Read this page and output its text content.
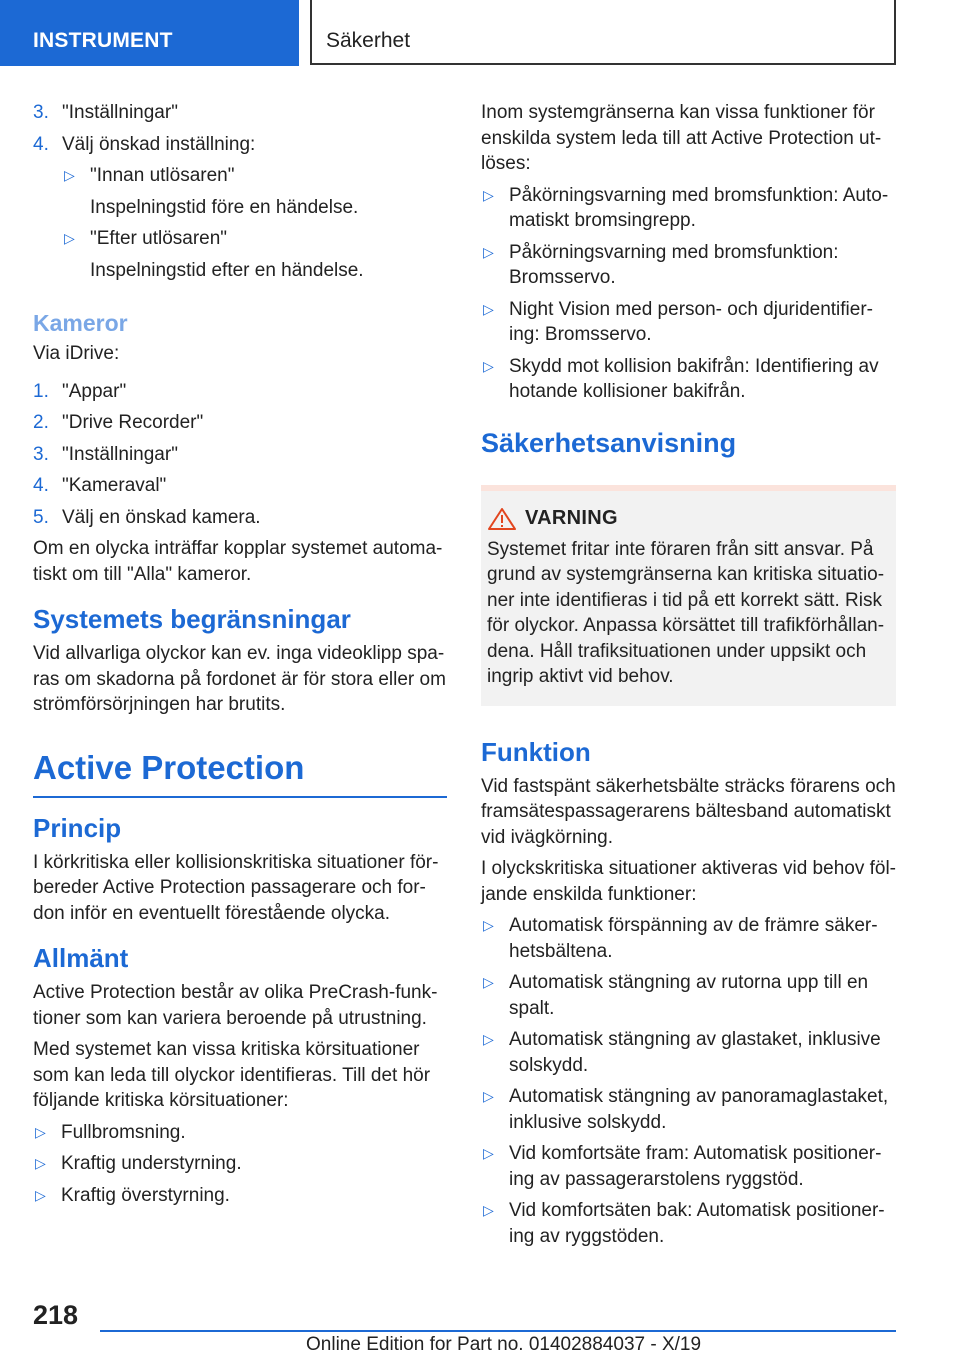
INSTRUMENT	Säkerhet
3. "Inställningar"
4. Välj önskad inställning:
▷ "Innan utlösaren"
Inspelningstid före en händelse.
▷ "Efter utlösaren"
Inspelningstid efter en händelse.
Kameror

Via iDrive:

1. "Appar"
2. "Drive Recorder"
3. "Inställningar"
4. "Kameraval"
5. Välj en önskad kamera.

Om en olycka inträffar kopplar systemet automa-tiskt om till "Alla" kameror.

Systemets begränsningar

Vid allvarliga olyckor kan ev. inga videoklipp spa-ras om skadorna på fordonet är för stora eller om strömförsörjningen har brutits.

Active Protection
Princip

I körkritiska eller kollisionskritiska situationer för-bereder Active Protection passagerare och for-don inför en eventuellt förestående olycka.

Allmänt

Active Protection består av olika PreCrash-funk-tioner som kan variera beroende på utrustning.

Med systemet kan vissa kritiska körsituationer som kan leda till olyckor identifieras. Till det hör följande kritiska körsituationer:

▷ Fullbromsning.
▷ Kraftig understyrning.
▷ Kraftig överstyrning.

Inom systemgränserna kan vissa funktioner för enskilda system leda till att Active Protection ut-löses:

▷ Påkörningsvarning med bromsfunktion: Auto-matiskt bromsingrepp.
▷ Påkörningsvarning med bromsfunktion: Bromsservo.
▷ Night Vision med person- och djuridentifier-ing: Bromsservo.
▷ Skydd mot kollision bakifrån: Identifiering av hotande kollisioner bakifrån.
Säkerhetsanvisning
VARNING

Systemet fritar inte föraren från sitt ansvar. På grund av systemgränserna kan kritiska situatio-ner inte identifieras i tid på ett korrekt sätt. Risk för olyckor. Anpassa körsättet till trafikförhållan-dena. Håll trafiksituationen under uppsikt och ingrip aktivt vid behov.

Funktion

Vid fastspänt säkerhetsbälte sträcks förarens och framsätespassagerarens bältesband automatiskt vid ivägkörning.

I olyckskritiska situationer aktiveras vid behov föl-jande enskilda funktioner:

▷ Automatisk förspänning av de främre säker-hetsbältena.
▷ Automatisk stängning av rutorna upp till en spalt.
▷ Automatisk stängning av glastaket, inklusive solskydd.
▷ Automatisk stängning av panoramaglastaket, inklusive solskydd.
▷ Vid komfortsäte fram: Automatisk positioner-ing av passagerarstolens ryggstöd.
▷ Vid komfortsäten bak: Automatisk positioner-ing av ryggstöden.
218
Online Edition for Part no. 01402884037 - X/19
